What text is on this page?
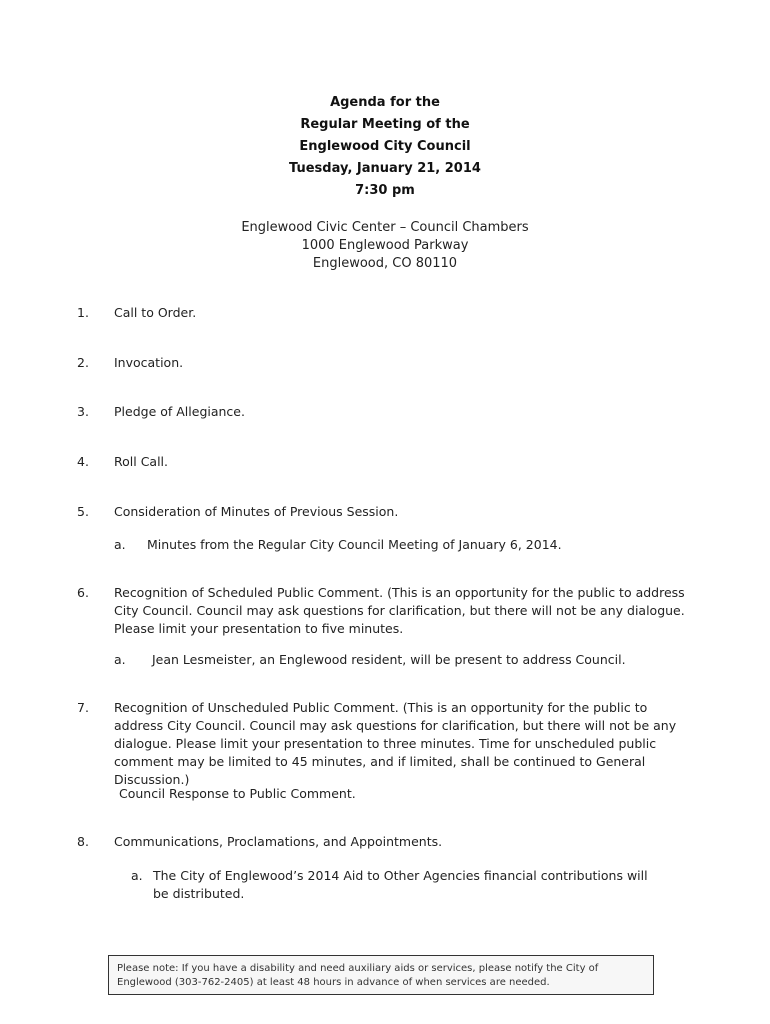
Agenda for the
Regular Meeting of the
Englewood City Council
Tuesday, January 21, 2014
7:30 pm
Englewood Civic Center – Council Chambers
1000 Englewood Parkway
Englewood, CO 80110
1.	Call to Order.
2.	Invocation.
3.	Pledge of Allegiance.
4.	Roll Call.
5.	Consideration of Minutes of Previous Session.
a.	Minutes from the Regular City Council Meeting of January 6, 2014.
6.	Recognition of Scheduled Public Comment. (This is an opportunity for the public to address City Council. Council may ask questions for clarification, but there will not be any dialogue. Please limit your presentation to five minutes.
a.	Jean Lesmeister, an Englewood resident, will be present to address Council.
7.	Recognition of Unscheduled Public Comment. (This is an opportunity for the public to address City Council. Council may ask questions for clarification, but there will not be any dialogue. Please limit your presentation to three minutes. Time for unscheduled public comment may be limited to 45 minutes, and if limited, shall be continued to General Discussion.)
Council Response to Public Comment.
8.	Communications, Proclamations, and Appointments.
a. The City of Englewood’s 2014 Aid to Other Agencies financial contributions will be distributed.
Please note: If you have a disability and need auxiliary aids or services, please notify the City of Englewood (303-762-2405) at least 48 hours in advance of when services are needed.
